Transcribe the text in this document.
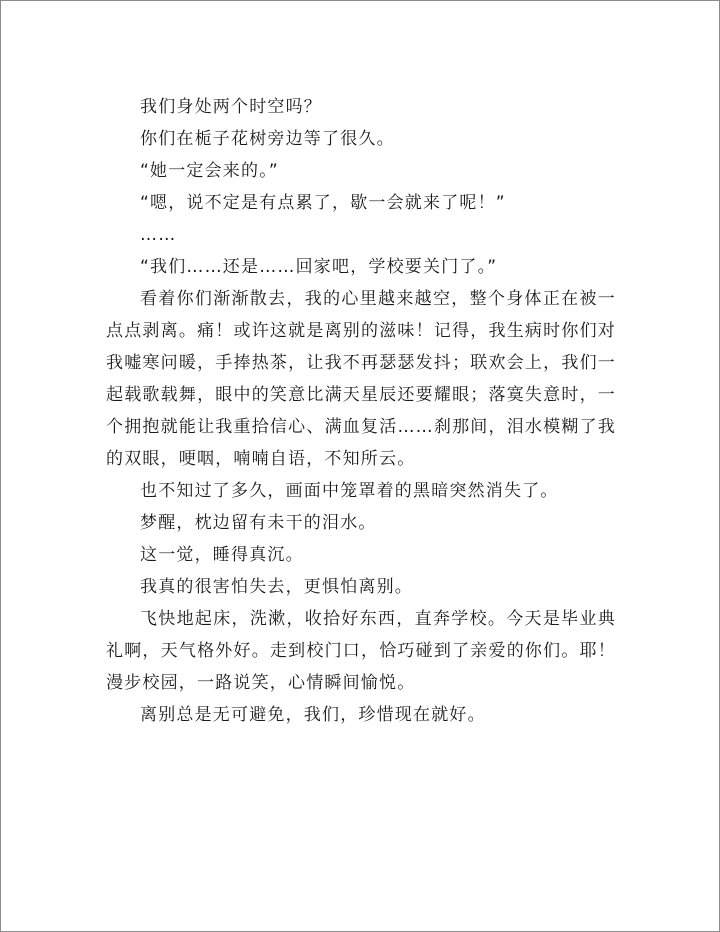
我们身处两个时空吗？

你们在栀子花树旁边等了很久。

“她一定会来的。”

“嗯，说不定是有点累了，歇一会就来了呢！”

……

“我们……还是……回家吧，学校要关门了。”

看着你们渐渐散去，我的心里越来越空，整个身体正在被一点点剥离。痛！或许这就是离别的滋味！记得，我生病时你们对我嘘寒问暖，手捧热茶，让我不再瑟瑟发抖；联欢会上，我们一起载歌载舞，眼中的笑意比满天星辰还要耀眼；落寞失意时，一个拥抱就能让我重拾信心、满血复活……刹那间，泪水模糊了我的双眼，哽咽，喃喃自语，不知所云。

也不知过了多久，画面中笼罩着的黑暗突然消失了。

梦醒，枕边留有未干的泪水。

这一觉，睡得真沉。

我真的很害怕失去，更惧怕离别。

飞快地起床，洗漱，收拾好东西，直奔学校。今天是毕业典礼啊，天气格外好。走到校门口，恰巧碰到了亲爱的你们。耶！漫步校园，一路说笑，心情瞬间愉悦。

离别总是无可避免，我们，珍惜现在就好。
